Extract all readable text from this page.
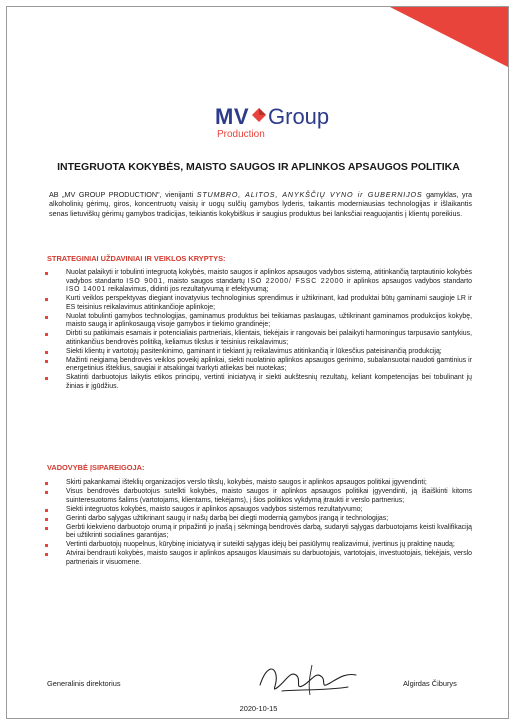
MV Group
Production
INTEGRUOTA KOKYBĖS, MAISTO SAUGOS IR APLINKOS APSAUGOS POLITIKA
AB „MV GROUP PRODUCTION", vienijanti STUMBRO, ALITOS, ANYKŠČIŲ VYNO ir GUBERNIJOS gamyklas, yra alkoholinių gėrimų, giros, koncentruotų vaisių ir uogų sulčių gamybos lyderis, taikantis moderniausias technologijas ir išlaikantis senas lietuviškų gėrimų gamybos tradicijas, teikiantis kokybiškus ir saugius produktus bei lanksčiai reaguojantis į klientų poreikius.
STRATEGINIAI UŽDAVINIAI IR VEIKLOS KRYPTYS:
Nuolat palaikyti ir tobulinti integruotą kokybės, maisto saugos ir aplinkos apsaugos vadybos sistemą, atitinkančią tarptautinio kokybės vadybos standarto ISO 9001, maisto saugos standartų ISO 22000/ FSSC 22000 ir aplinkos apsaugos vadybos standarto ISO 14001 reikalavimus, didinti jos rezultatyvumą ir efektyvumą;
Kurti veiklos perspektyvas diegiant inovatyvius technologinius sprendimus ir užtikrinant, kad produktai būtų gaminami saugioje LR ir ES teisinius reikalavimus atitinkančioje aplinkoje;
Nuolat tobulinti gamybos technologijas, gaminamus produktus bei teikiamas paslaugas, užtikrinant gaminamos produkcijos kokybę, maisto saugą ir aplinkosaugą visoje gamybos ir tiekimo grandinėje;
Dirbti su patikimais esamais ir potencialiais partneriais, klientais, tiekėjais ir rangovais bei palaikyti harmoningus tarpusavio santykius, atitinkančius bendrovės politiką, keliamus tikslus ir teisinius reikalavimus;
Siekti klientų ir vartotojų pasitenkinimo, gaminant ir tiekiant jų reikalavimus atitinkančią ir lūkesčius pateisinančią produkciją;
Mažinti neigiamą bendrovės veiklos poveikį aplinkai, siekti nuolatinio aplinkos apsaugos gerinimo, subalansuotai naudoti gamtinius ir energetinius išteklius, saugiai ir atsakingai tvarkyti atliekas bei nuotekas;
Skatinti darbuotojus laikytis etikos principų, vertinti iniciatyvą ir siekti aukštesnių rezultatų, keliant kompetencijas bei tobulinant jų žinias ir įgūdžius.
VADOVYBĖ ĮSIPAREIGOJA:
Skirti pakankamai išteklių organizacijos verslo tikslų, kokybės, maisto saugos ir aplinkos apsaugos politikai įgyvendinti;
Visus bendrovės darbuotojus sutelkti kokybės, maisto saugos ir aplinkos apsaugos politikai įgyvendinti, ją išaiškinti kitoms suinteresuotoms šalims (vartotojams, klientams, tiekėjams), į šios politikos vykdymą įtraukti ir verslo partnerius;
Siekti integruotos kokybės, maisto saugos ir aplinkos apsaugos vadybos sistemos rezultatyvumo;
Gerinti darbo sąlygas užtikrinant saugų ir našų darbą bei diegti modernią gamybos įrangą ir technologijas;
Gerbti kiekvieno darbuotojo orumą ir pripažinti jo įnašą į sėkmingą bendrovės darbą, sudaryti sąlygas darbuotojams keisti kvalifikaciją bei užtikrinti socialines garantijas;
Vertinti darbuotojų nuopelnus, kūrybinę iniciatyvą ir suteikti sąlygas idėjų bei pasiūlymų realizavimui, įvertinus jų praktinę naudą;
Atvirai bendrauti kokybės, maisto saugos ir aplinkos apsaugos klausimais su darbuotojais, vartotojais, investuotojais, tiekėjais, verslo partneriais ir visuomene.
Generalinis direktorius	Algirdas Čiburys
2020-10-15
